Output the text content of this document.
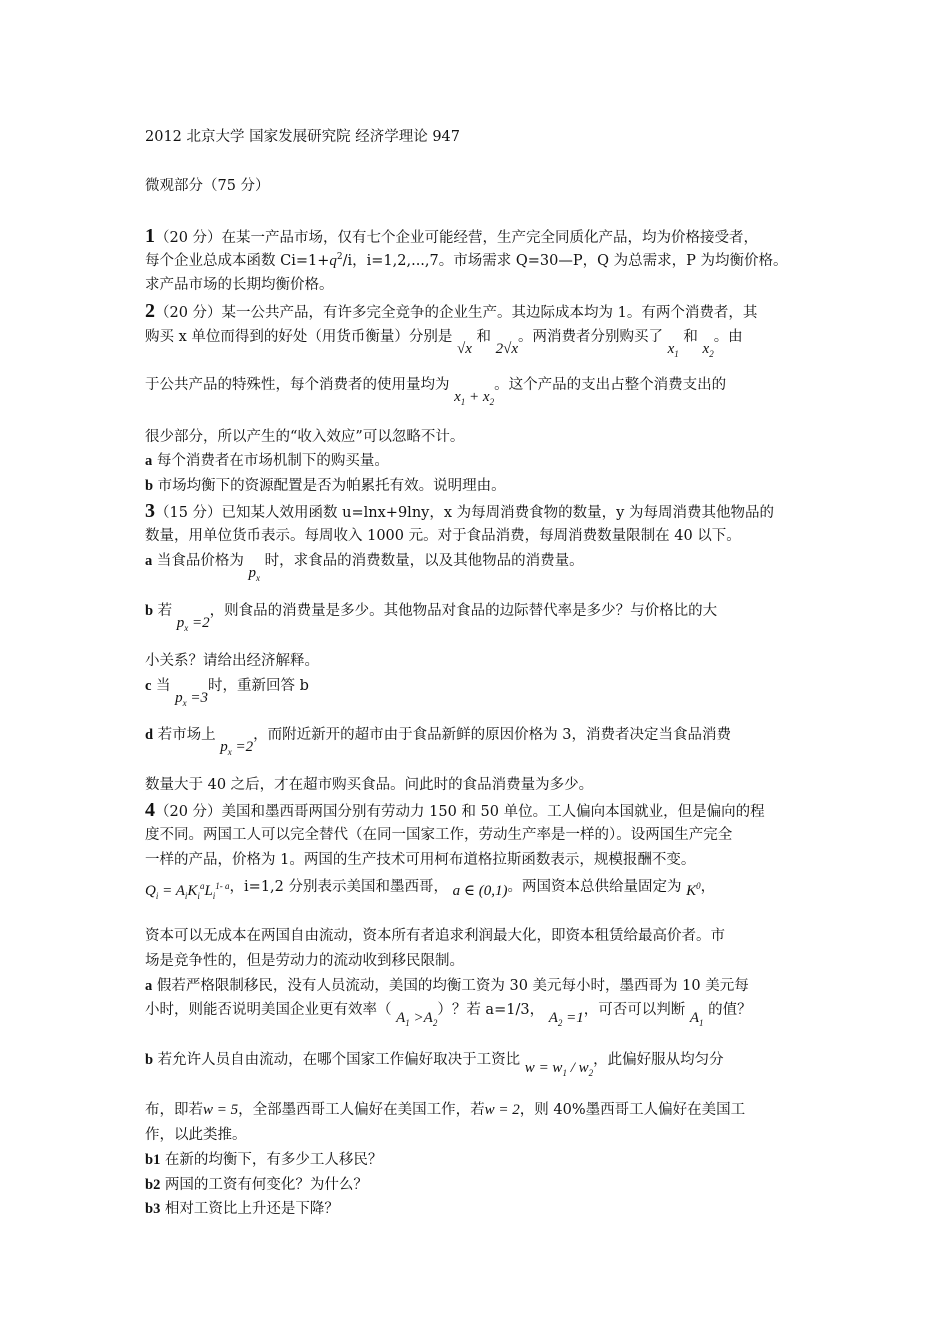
2012 北京大学 国家发展研究院 经济学理论 947
微观部分（75 分）
1（20 分）在某一产品市场，仅有七个企业可能经营，生产完全同质化产品，均为价格接受者，
每个企业总成本函数 $Ci=1+q^2/i$，i=1,2,...,7。市场需求 Q=30—P，Q 为总需求，P 为均衡价格。
求产品市场的长期均衡价格。
2（20 分）某一公共产品，有许多完全竞争的企业生产。其边际成本均为 1。有两个消费者，其
购买 x 单位而得到的好处（用货币衡量）分别是 √x 和 2√x。两消费者分别购买了 $x_1$ 和 $x_2$。由
于公共产品的特殊性，每个消费者的使用量均为 $x_1 + x_2$。这个产品的支出占整个消费支出的
很少部分，所以产生的“收入效应”可以忽略不计。
a 每个消费者在市场机制下的购买量。
b 市场均衡下的资源配置是否为帕累托有效。说明理由。
3（15 分）已知某人效用函数 u=lnx+9lny，x 为每周消费食物的数量，y 为每周消费其他物品的
数量，用单位货币表示。每周收入 1000 元。对于食品消费，每周消费数量限制在 40 以下。
a 当食品价格为 $p_x$ 时，求食品的消费数量，以及其他物品的消费量。
b 若 $p_x =2$，则食品的消费量是多少。其他物品对食品的边际替代率是多少？与价格比的大
小关系？请给出经济解释。
c 当 $p_x =3$时，重新回答 b
d 若市场上 $p_x =2$，而附近新开的超市由于食品新鲜的原因价格为 3，消费者决定当食品消费
数量大于 40 之后，才在超市购买食品。问此时的食品消费量为多少。
4（20 分）美国和墨西哥两国分别有劳动力 150 和 50 单位。工人偏向本国就业，但是偏向的程
度不同。两国工人可以完全替代（在同一国家工作，劳动生产率是一样的）。设两国生产完全
一样的产品，价格为 1。两国的生产技术可用柯布道格拉斯函数表示，规模报酬不变。
$Q_i = A_iK_i^aL_i^{1- a}$，i=1,2 分别表示美国和墨西哥， a ∈ (0,1)。两国资本总供给量固定为 $K^0$，
资本可以无成本在两国自由流动，资本所有者追求利润最大化，即资本租赁给最高价者。市
场是竞争性的，但是劳动力的流动收到移民限制。
a 假若严格限制移民，没有人员流动，美国的均衡工资为 30 美元每小时，墨西哥为 10 美元每
小时，则能否说明美国企业更有效率（ $A_1 >A_2$）？若 a=1/3， $A_2 =1$，可否可以判断 $A_1$ 的值？
b 若允许人员自由流动，在哪个国家工作偏好取决于工资比 $w = w_1 / w_2$，此偏好服从均匀分
布，即若w = 5，全部墨西哥工人偏好在美国工作，若w = 2，则 40%墨西哥工人偏好在美国工
作，以此类推。
b1 在新的均衡下，有多少工人移民？
b2 两国的工资有何变化？为什么？
b3 相对工资比上升还是下降？
